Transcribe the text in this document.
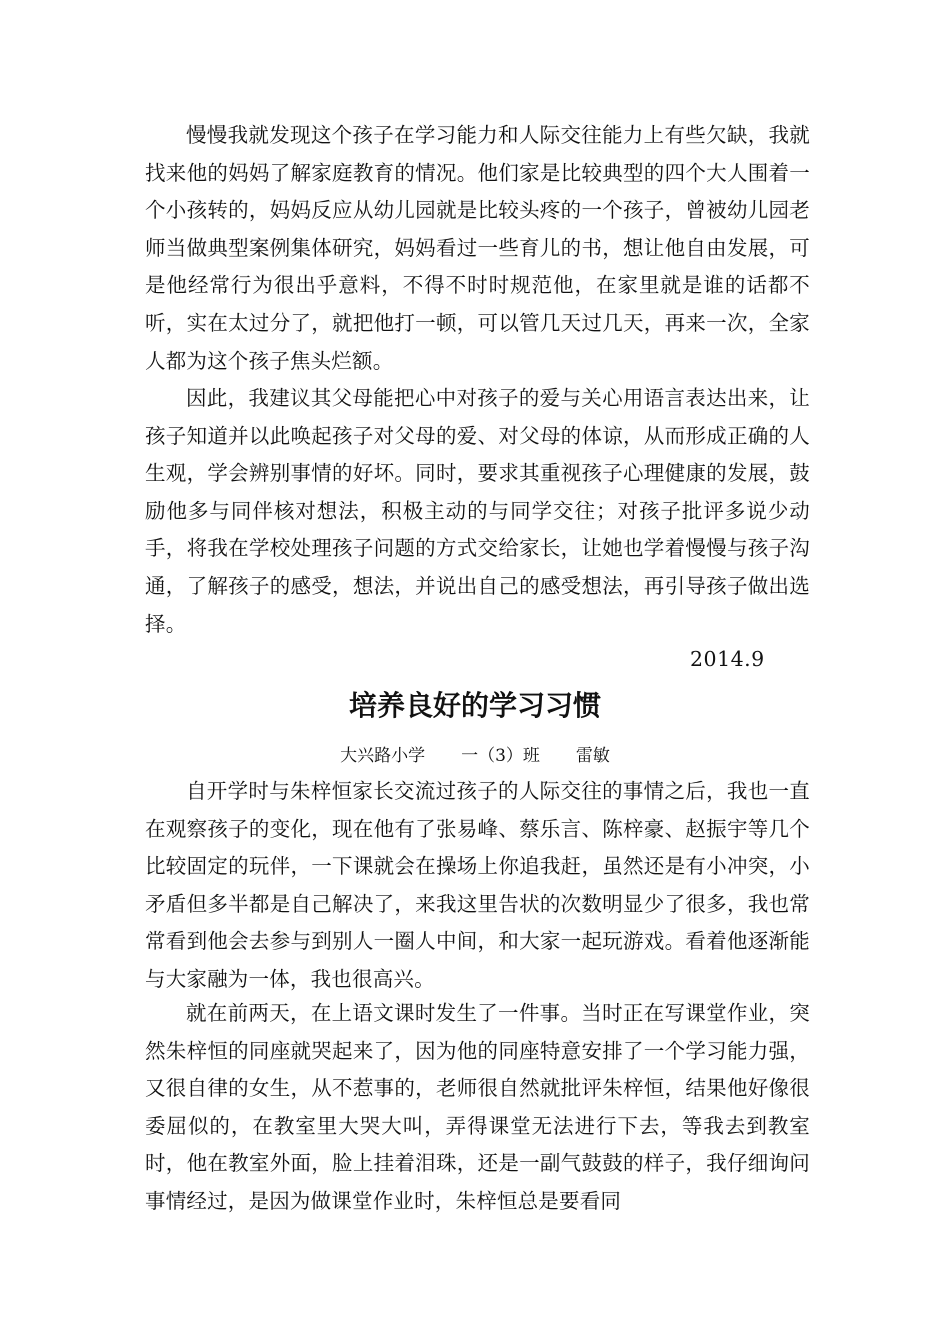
慢慢我就发现这个孩子在学习能力和人际交往能力上有些欠缺，我就找来他的妈妈了解家庭教育的情况。他们家是比较典型的四个大人围着一个小孩转的，妈妈反应从幼儿园就是比较头疼的一个孩子，曾被幼儿园老师当做典型案例集体研究，妈妈看过一些育儿的书，想让他自由发展，可是他经常行为很出乎意料，不得不时时规范他，在家里就是谁的话都不听，实在太过分了，就把他打一顿，可以管几天过几天，再来一次，全家人都为这个孩子焦头烂额。

因此，我建议其父母能把心中对孩子的爱与关心用语言表达出来，让孩子知道并以此唤起孩子对父母的爱、对父母的体谅，从而形成正确的人生观，学会辨别事情的好坏。同时，要求其重视孩子心理健康的发展，鼓励他多与同伴核对想法，积极主动的与同学交往；对孩子批评多说少动手，将我在学校处理孩子问题的方式交给家长，让她也学着慢慢与孩子沟通，了解孩子的感受，想法，并说出自己的感受想法，再引导孩子做出选择。

2014.9
培养良好的学习习惯
大兴路小学 一（3）班 雷敏

自开学时与朱梓恒家长交流过孩子的人际交往的事情之后，我也一直在观察孩子的变化，现在他有了张易峰、蔡乐言、陈梓豪、赵振宇等几个比较固定的玩伴，一下课就会在操场上你追我赶，虽然还是有小冲突，小矛盾但多半都是自己解决了，来我这里告状的次数明显少了很多，我也常常看到他会去参与到别人一圈人中间，和大家一起玩游戏。看着他逐渐能与大家融为一体，我也很高兴。

就在前两天，在上语文课时发生了一件事。当时正在写课堂作业，突然朱梓恒的同座就哭起来了，因为他的同座特意安排了一个学习能力强，又很自律的女生，从不惹事的，老师很自然就批评朱梓恒，结果他好像很委屈似的，在教室里大哭大叫，弄得课堂无法进行下去，等我去到教室时，他在教室外面，脸上挂着泪珠，还是一副气鼓鼓的样子，我仔细询问事情经过，是因为做课堂作业时，朱梓恒总是要看同
